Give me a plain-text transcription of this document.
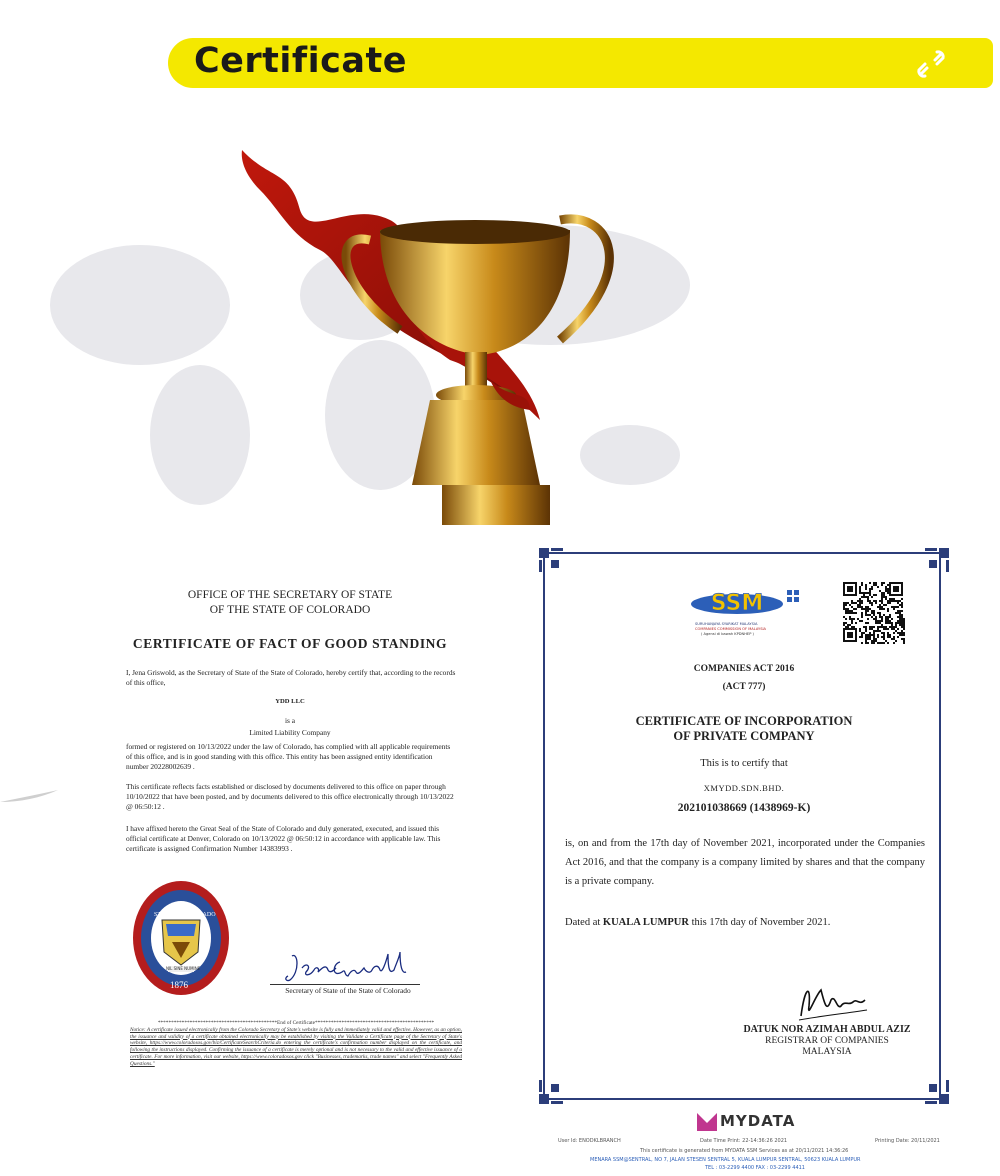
Certificate
OFFICE OF THE SECRETARY OF STATE
OF THE STATE OF COLORADO
CERTIFICATE OF FACT OF GOOD STANDING
I, Jena Griswold, as the Secretary of State of the State of Colorado, hereby certify that, according to the records of this office,
YDD LLC
is a
Limited Liability Company
formed or registered on 10/13/2022 under the law of Colorado, has complied with all applicable requirements of this office, and is in good standing with this office. This entity has been assigned entity identification number 20228002639 .
This certificate reflects facts established or disclosed by documents delivered to this office on paper through 10/10/2022 that have been posted, and by documents delivered to this office electronically through 10/13/2022 @ 06:50:12 .
I have affixed hereto the Great Seal of the State of Colorado and duly generated, executed, and issued this official certificate at Denver, Colorado on 10/13/2022 @ 06:50:12 in accordance with applicable law. This certificate is assigned Confirmation Number 14383993 .
STATE OF COLORADO
NIL SINE NUMINE
1876
Secretary of State of the State of Colorado
*********************************************End of Certificate*********************************************
Notice: A certificate issued electronically from the Colorado Secretary of State's website is fully and immediately valid and effective. However, as an option, the issuance and validity of a certificate obtained electronically may be established by visiting the Validate a Certificate page of the Secretary of State's website, https://www.coloradosos.gov/biz/CertificateSearchCriteria.do entering the certificate's confirmation number displayed on the certificate, and following the instructions displayed. Confirming the issuance of a certificate is merely optional and is not necessary to the valid and effective issuance of a certificate. For more information, visit our website, https://www.coloradosos.gov click "Businesses, trademarks, trade names" and select "Frequently Asked Questions."
SSM
SURUHANJAYA SYARIKAT MALAYSIA
COMPANIES COMMISSION OF MALAYSIA
( Agensi di bawah KPDNHEP )
COMPANIES ACT 2016
(ACT 777)
CERTIFICATE OF INCORPORATION
OF PRIVATE COMPANY
This is to certify that
XMYDD.SDN.BHD.
202101038669 (1438969-K)
is, on and from the 17th day of November 2021, incorporated under the Companies Act 2016, and that the company is a company limited by shares and that the company is a private company.
Dated at KUALA LUMPUR this 17th day of November 2021.
DATUK NOR AZIMAH ABDUL AZIZ
REGISTRAR OF COMPANIES
MALAYSIA
MYDATA
User Id: ENODKLBRANCH	Date Time Print: 22-14:36:26 2021	Printing Date: 20/11/2021
This certificate is generated from MYDATA SSM Services as at 20/11/2021 14:36:26
MENARA SSM@SENTRAL, NO 7, JALAN STESEN SENTRAL 5, KUALA LUMPUR SENTRAL, 50623 KUALA LUMPUR
TEL : 03-2299 4400 FAX : 03-2299 4411
